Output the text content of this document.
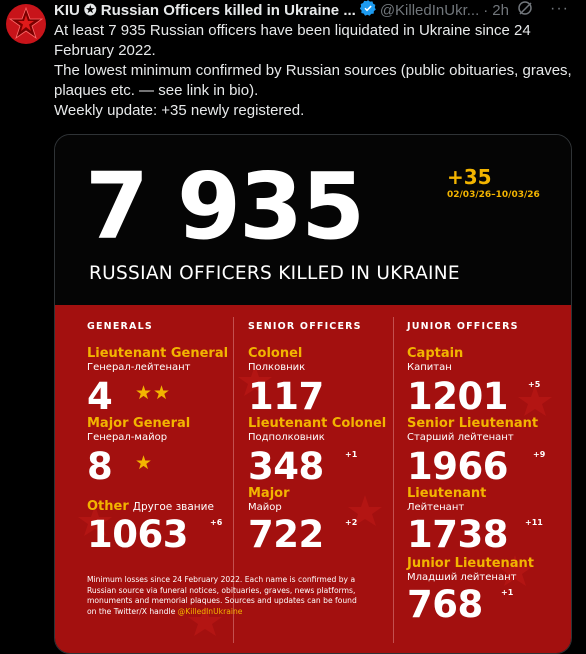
KIU ✪ Russian Officers killed in Ukraine ... @KilledInUkr... · 2h	···
At least 7 935 Russian officers have been liquidated in Ukraine since 24 February 2022.
The lowest minimum confirmed by Russian sources (public obituaries, graves, plaques etc. — see link in bio).
Weekly update: +35 newly registered.
7 935	+35
02/03/26–10/03/26
RUSSIAN OFFICERS KILLED IN UKRAINE
GENERALS	SENIOR OFFICERS	JUNIOR OFFICERS
Lieutenant General
Генерал-лейтенант
4 ★★
Major General
Генерал-майор
8 ★
Other Другое звание
1063	+6
Colonel
Полковник
117
Lieutenant Colonel
Подполковник
348	+1
Major
Майор
722	+2
Captain
Капитан
1201	+5
Senior Lieutenant
Старший лейтенант
1966	+9
Lieutenant
Лейтенант
1738 +11
Junior Lieutenant
Младший лейтенант
768 +1
Minimum losses since 24 February 2022. Each name is confirmed by a Russian source via funeral notices, obituaries, graves, news platforms, monuments and memorial plaques. Sources and updates can be found on the Twitter/X handle @KilledInUkraine
